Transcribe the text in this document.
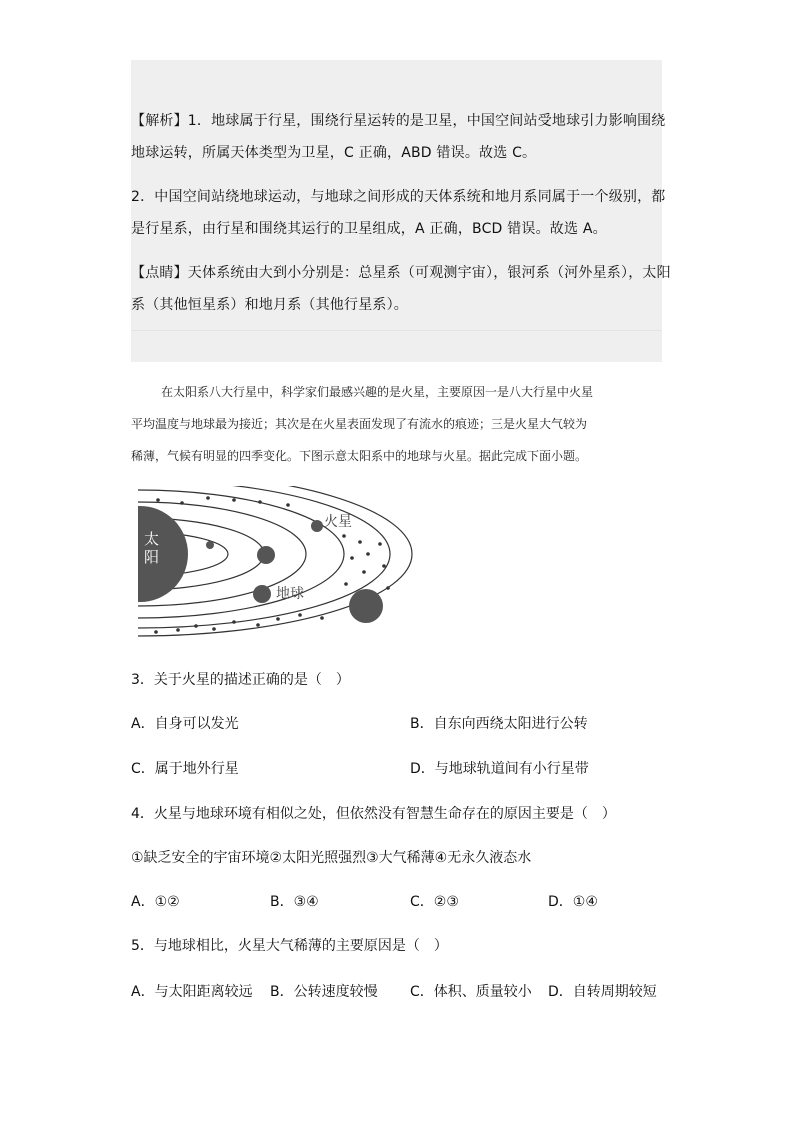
【解析】1．地球属于行星，围绕行星运转的是卫星，中国空间站受地球引力影响围绕

地球运转，所属天体类型为卫星，C 正确，ABD 错误。故选 C。

2．中国空间站绕地球运动，与地球之间形成的天体系统和地月系同属于一个级别，都

是行星系，由行星和围绕其运行的卫星组成，A 正确，BCD 错误。故选 A。

【点睛】天体系统由大到小分别是：总星系（可观测宇宙），银河系（河外星系），太阳

系（其他恒星系）和地月系（其他行星系）。

在太阳系八大行星中，科学家们最感兴趣的是火星，主要原因一是八大行星中火星

平均温度与地球最为接近；其次是在火星表面发现了有流水的痕迹；三是火星大气较为

稀薄，气候有明显的四季变化。下图示意太阳系中的地球与火星。据此完成下面小题。

太
阳
火星
地球

3．关于火星的描述正确的是（　）

A．自身可以发光	B．自东向西绕太阳进行公转

C．属于地外行星	D．与地球轨道间有小行星带

4．火星与地球环境有相似之处，但依然没有智慧生命存在的原因主要是（　）

①缺乏安全的宇宙环境②太阳光照强烈③大气稀薄④无永久液态水

A．①②	B．③④	C．②③	D．①④

5．与地球相比，火星大气稀薄的主要原因是（　）

A．与太阳距离较远 B．公转速度较慢 C．体积、质量较小 D．自转周期较短
